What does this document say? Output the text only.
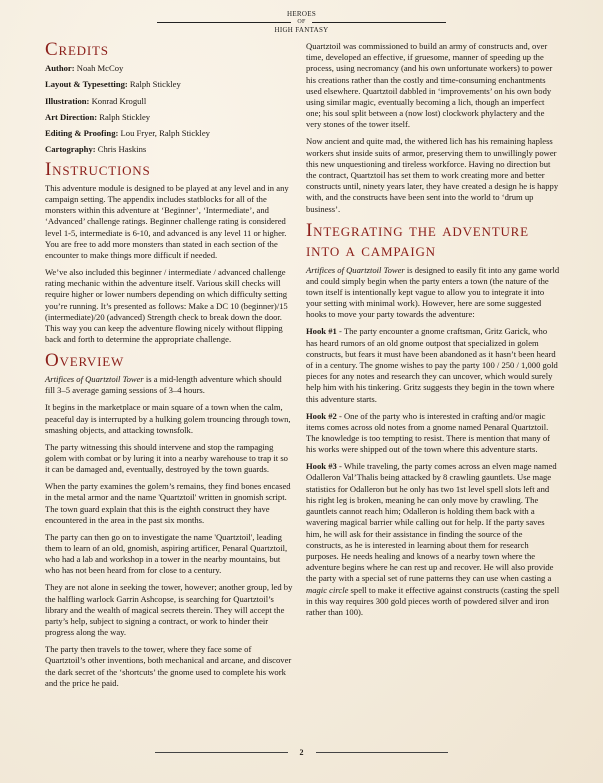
HEROES
OF
HIGH FANTASY
Credits
Author: Noah McCoy
Layout & Typesetting: Ralph Stickley
Illustration: Konrad Krogull
Art Direction: Ralph Stickley
Editing & Proofing: Lou Fryer, Ralph Stickley
Cartography: Chris Haskins
Instructions

This adventure module is designed to be played at any level and in any campaign setting. The appendix includes statblocks for all of the monsters within this adventure at ‘Beginner’, ‘Intermediate’, and ‘Advanced’ challenge ratings. Beginner challenge rating is considered level 1-5, intermediate is 6-10, and advanced is any level 11 or higher. You are free to add more monsters than stated in each section of the encounter to make things more difficult if needed.

We’ve also included this beginner / intermediate / advanced challenge rating mechanic within the adventure itself. Various skill checks will require higher or lower numbers depending on which difficulty setting you’re running. It’s presented as follows: Make a DC 10 (beginner)/15 (intermediate)/20 (advanced) Strength check to break down the door. This way you can keep the adventure flowing nicely without flipping back and forth to determine the appropriate challenge.

Overview

Artifices of Quartztoil Tower is a mid-length adventure which should fill 3–5 average gaming sessions of 3–4 hours.

It begins in the marketplace or main square of a town when the calm, peaceful day is interrupted by a hulking golem trouncing through town, smashing objects, and attacking townsfolk.

The party witnessing this should intervene and stop the rampaging golem with combat or by luring it into a nearby warehouse to trap it so it can be damaged and, eventually, destroyed by the town guards.

When the party examines the golem’s remains, they find bones encased in the metal armor and the name 'Quartztoil' written in gnomish script. The town guard explain that this is the eighth construct they have encountered in the area in the past six months.

The party can then go on to investigate the name 'Quartztoil', leading them to learn of an old, gnomish, aspiring artificer, Penaral Quartztoil, who had a lab and workshop in a tower in the nearby mountains, but who has not been heard from for close to a century.

They are not alone in seeking the tower, however; another group, led by the halfling warlock Garrin Ashcopse, is searching for Quartztoil’s library and the wealth of magical secrets therein. They will accept the party’s help, subject to signing a contract, or work to hinder their progress along the way.

The party then travels to the tower, where they face some of Quartztoil’s other inventions, both mechanical and arcane, and discover the dark secret of the ‘shortcuts’ the gnome used to complete his work and the price he paid.

Quartztoil was commissioned to build an army of constructs and, over time, developed an effective, if gruesome, manner of speeding up the process, using necromancy (and his own unfortunate workers) to power his creations rather than the costly and time-consuming enchantments used elsewhere. Quartztoil dabbled in ‘improvements’ on his own body using similar magic, eventually becoming a lich, though an imperfect one; his soul split between a (now lost) clockwork phylactery and the very stones of the tower itself.

Now ancient and quite mad, the withered lich has his remaining hapless workers shut inside suits of armor, preserving them to unwillingly power this new unquestioning and tireless workforce. Having no direction but the contract, Quartztoil has set them to work creating more and better constructs until, ninety years later, they have created a design he is happy with, and the constructs have been sent into the world to ‘drum up business’.

Integrating the adventure into a campaign

Artifices of Quartztoil Tower is designed to easily fit into any game world and could simply begin when the party enters a town (the nature of the town itself is intentionally kept vague to allow you to integrate it into your setting with minimal work). However, here are some suggested hooks to move your party towards the adventure:

Hook #1 - The party encounter a gnome craftsman, Gritz Garick, who has heard rumors of an old gnome outpost that specialized in golem constructs, but fears it must have been abandoned as it hasn’t been heard of in a century. The gnome wishes to pay the party 100 / 250 / 1,000 gold pieces for any notes and research they can uncover, which would surely help him with his tinkering. Gritz suggests they begin in the town where this adventure starts.

Hook #2 - One of the party who is interested in crafting and/or magic items comes across old notes from a gnome named Penaral Quartztoil. The knowledge is too tempting to resist. There is mention that many of his works were shipped out of the town where this adventure starts.

Hook #3 - While traveling, the party comes across an elven mage named Odalleron Val’Thalis being attacked by 8 crawling gauntlets. Use mage statistics for Odalleron but he only has two 1st level spell slots left and his right leg is broken, meaning he can only move by crawling. The gauntlets cannot reach him; Odalleron is holding them back with a wavering magical barrier while calling out for help. If the party saves him, he will ask for their assistance in finding the source of the constructs, as he is interested in learning about them for research purposes. He needs healing and knows of a nearby town where the adventure begins where he can rest up and recover. He will also provide the party with a special set of rune patterns they can use when casting a magic circle spell to make it effective against constructs (casting the spell in this way requires 300 gold pieces worth of powdered silver and iron rather than 100).

2
